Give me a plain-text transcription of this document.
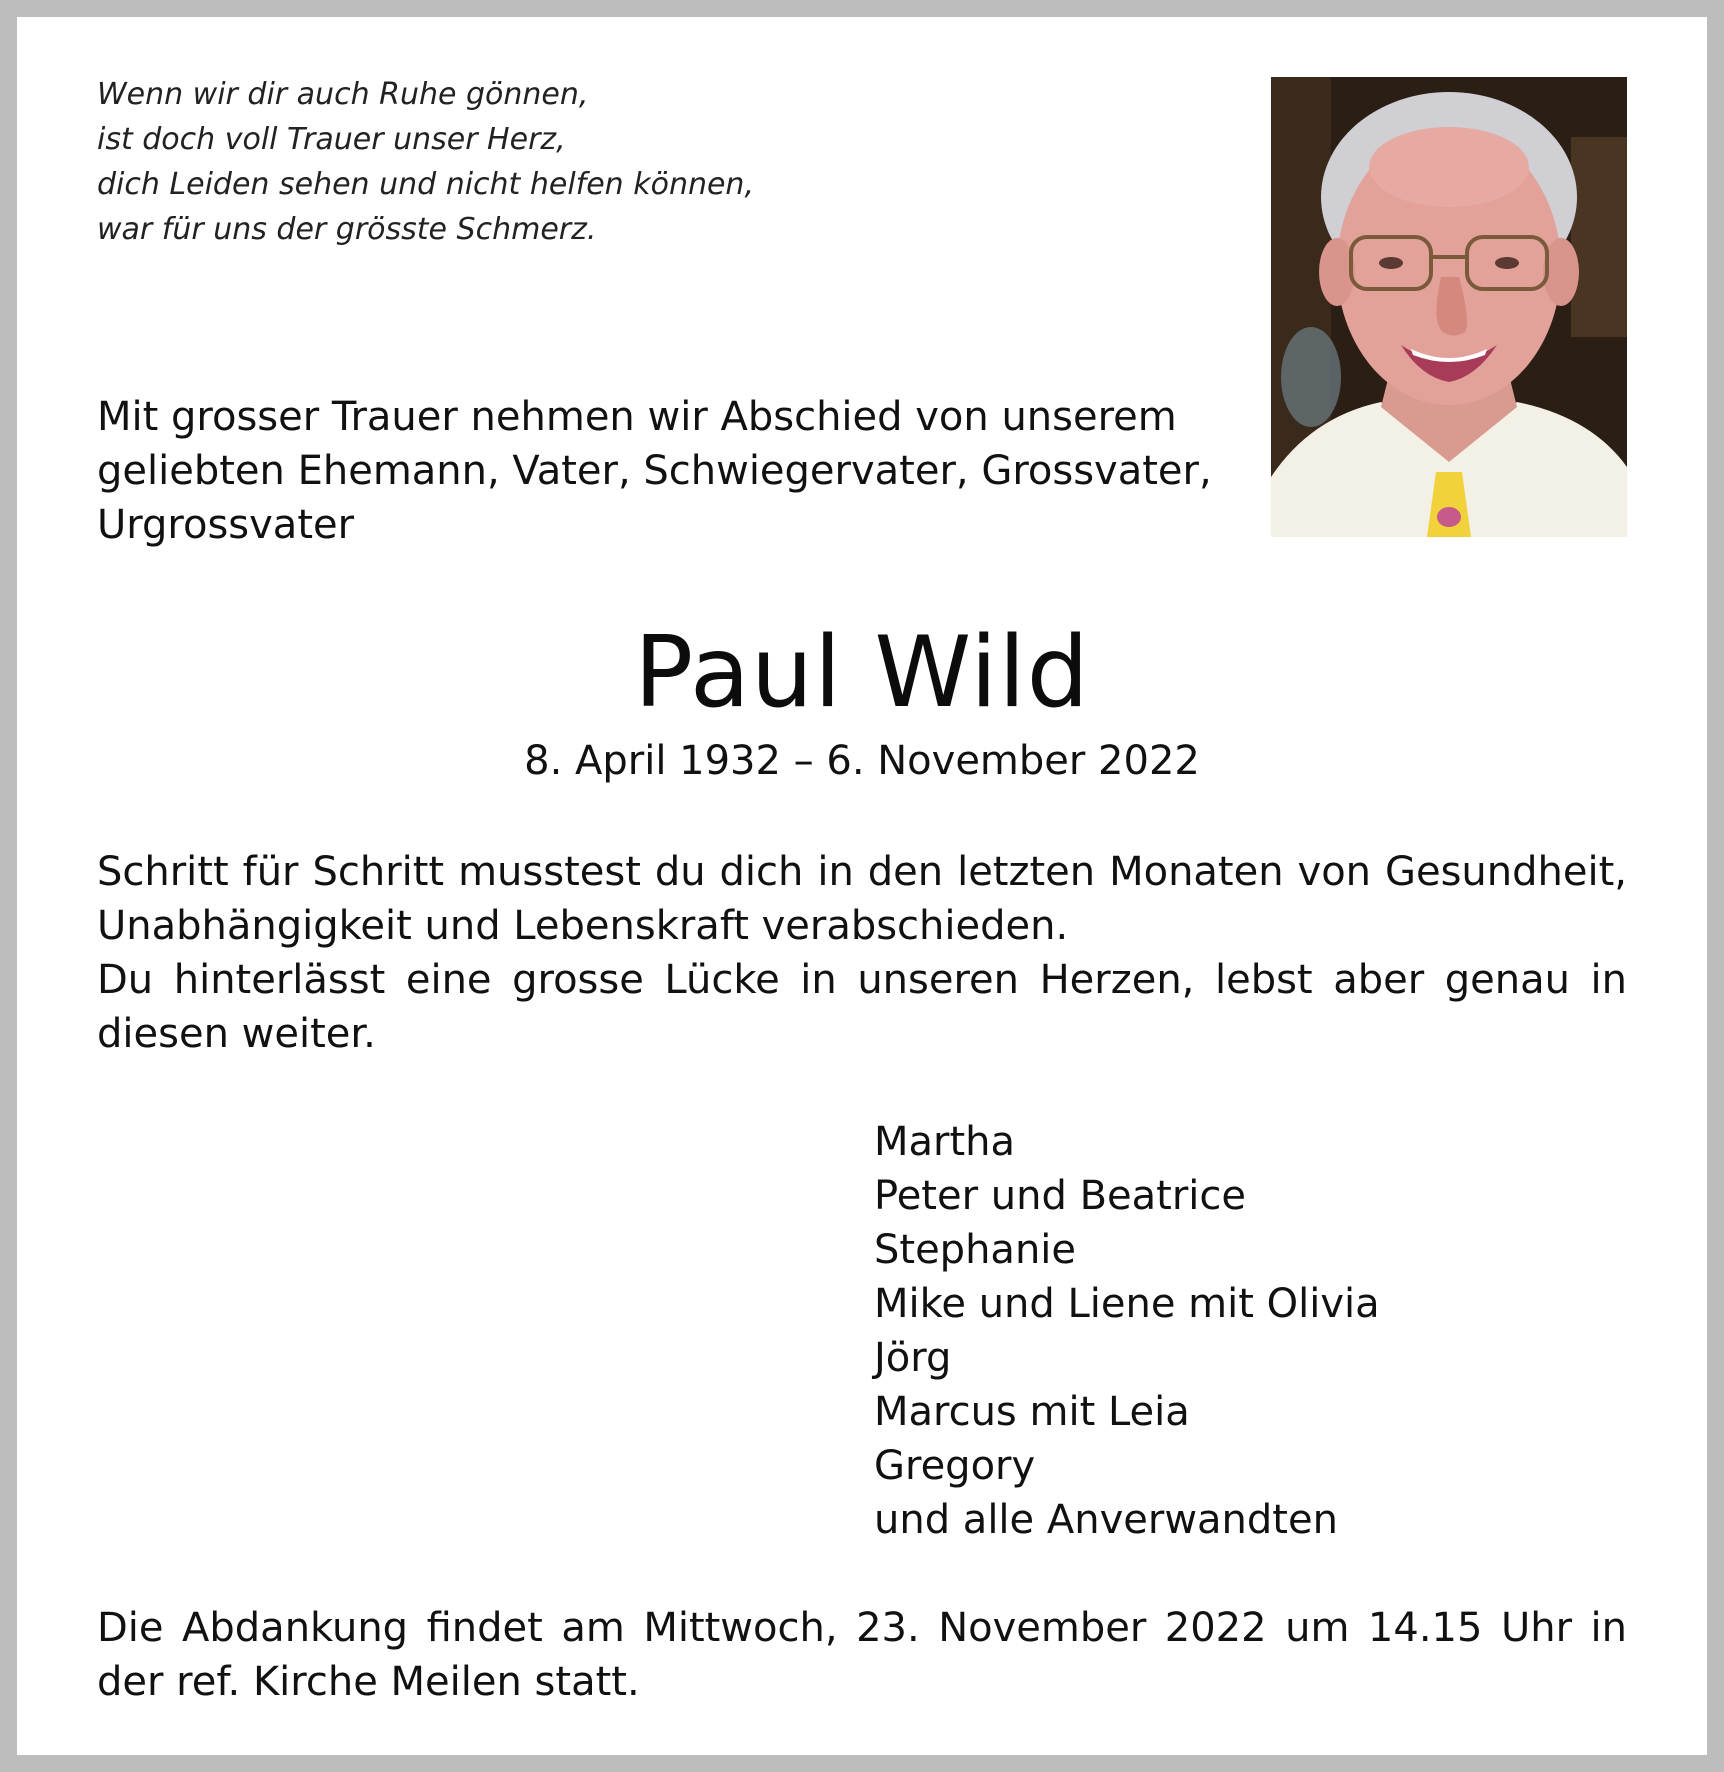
Wenn wir dir auch Ruhe gönnen,
ist doch voll Trauer unser Herz,
dich Leiden sehen und nicht helfen können,
war für uns der grösste Schmerz.
Mit grosser Trauer nehmen wir Abschied von unserem
geliebten Ehemann, Vater, Schwiegervater, Grossvater,
Urgrossvater
Paul Wild
8. April 1932 – 6. November 2022

Schritt für Schritt musstest du dich in den letzten Monaten von Gesundheit, Unabhängigkeit und Lebenskraft verabschieden.

Du hinterlässt eine grosse Lücke in unseren Herzen, lebst aber genau in diesen weiter.

Martha
Peter und Beatrice
Stephanie
Mike und Liene mit Olivia
Jörg
Marcus mit Leia
Gregory
und alle Anverwandten

Die Abdankung findet am Mittwoch, 23. November 2022 um 14.15 Uhr in der ref. Kirche Meilen statt.
